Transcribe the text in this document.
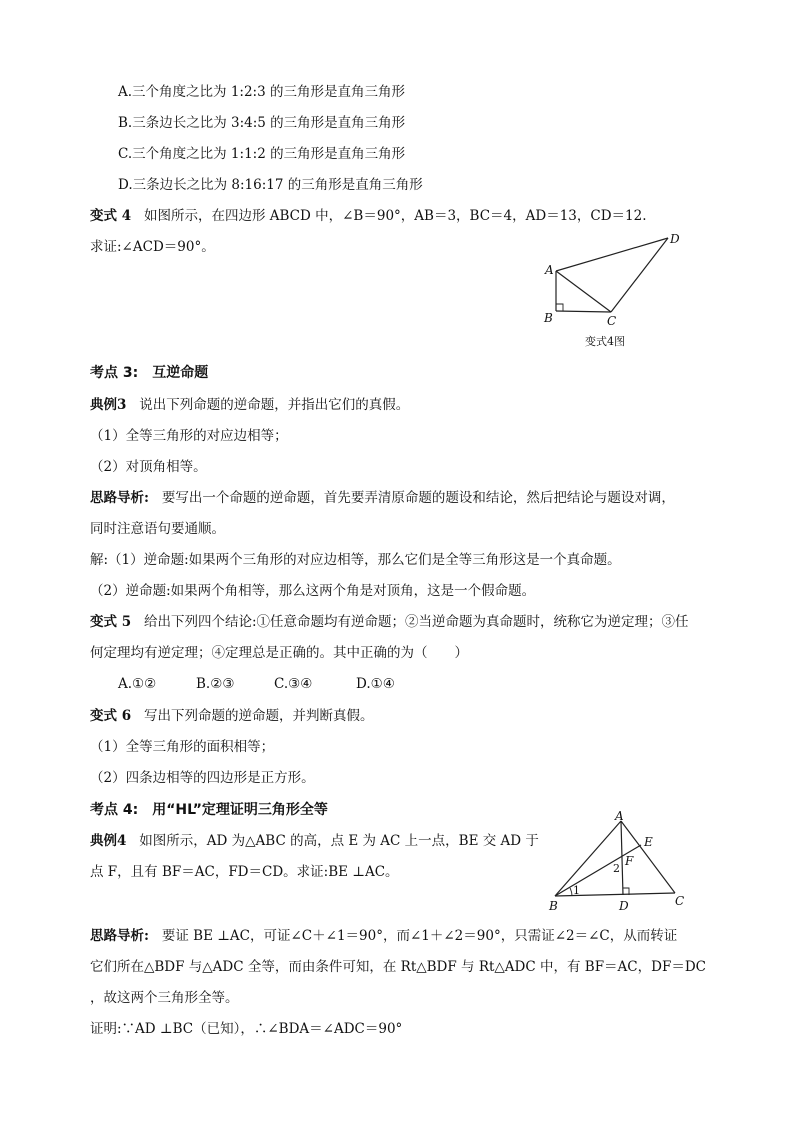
A.三个角度之比为 1:2:3 的三角形是直角三角形
B.三条边长之比为 3:4:5 的三角形是直角三角形
C.三个角度之比为 1:1:2 的三角形是直角三角形
D.三条边长之比为 8:16:17 的三角形是直角三角形
变式 4 如图所示，在四边形 ABCD 中，∠B＝90°，AB＝3，BC＝4，AD＝13，CD＝12.
求证:∠ACD＝90°。
A
B	C
D
变式4图
考点 3:　互逆命题
典例3 说出下列命题的逆命题，并指出它们的真假。
（1）全等三角形的对应边相等；
（2）对顶角相等。
思路导析: 要写出一个命题的逆命题，首先要弄清原命题的题设和结论，然后把结论与题设对调，
同时注意语句要通顺。
解:（1）逆命题:如果两个三角形的对应边相等，那么它们是全等三角形这是一个真命题。
（2）逆命题:如果两个角相等，那么这两个角是对顶角，这是一个假命题。
变式 5 给出下列四个结论:①任意命题均有逆命题；②当逆命题为真命题时，统称它为逆定理；③任
何定理均有逆定理；④定理总是正确的。其中正确的为（　　）
A.①②	B.②③	C.③④	D.①④
变式 6 写出下列命题的逆命题，并判断真假。
（1）全等三角形的面积相等；
（2）四条边相等的四边形是正方形。
考点 4:　用“HL”定理证明三角形全等
典例4 如图所示，AD 为△ABC 的高，点 E 为 AC 上一点，BE 交 AD 于
点 F，且有 BF＝AC，FD＝CD。求证:BE ⊥AC。
A
E
F
2
1
B	D	C
思路导析: 要证 BE ⊥AC，可证∠C＋∠1＝90°，而∠1＋∠2＝90°，只需证∠2＝∠C，从而转证
它们所在△BDF 与△ADC 全等，而由条件可知，在 Rt△BDF 与 Rt△ADC 中，有 BF＝AC，DF＝DC
，故这两个三角形全等。
证明:∵AD ⊥BC（已知），∴∠BDA＝∠ADC＝90°
